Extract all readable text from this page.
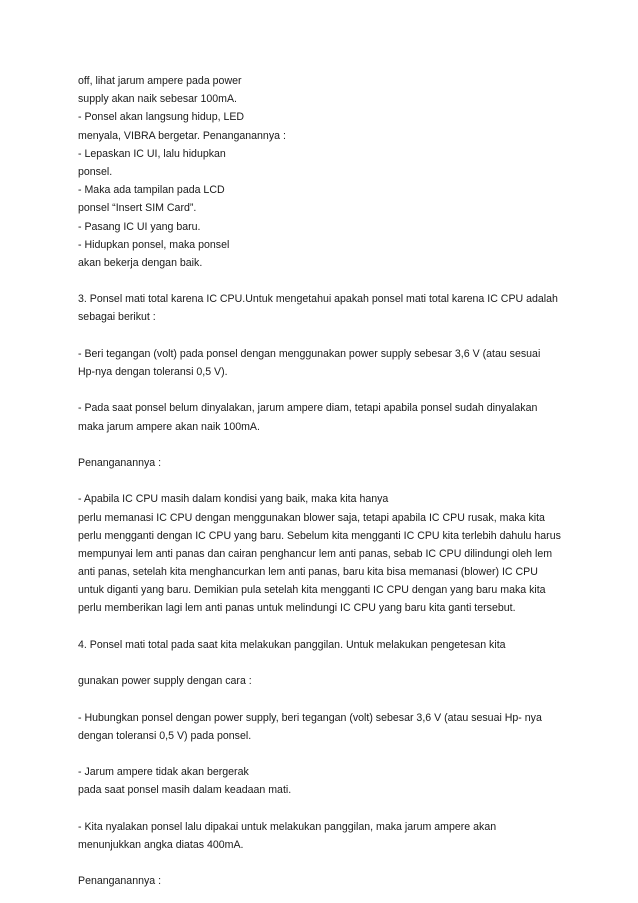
off, lihat jarum ampere pada power
supply akan naik sebesar 100mA.
- Ponsel akan langsung hidup, LED
menyala, VIBRA bergetar. Penanganannya :
- Lepaskan IC UI, lalu hidupkan
ponsel.
- Maka ada tampilan pada LCD
ponsel “Insert SIM Card”.
- Pasang IC UI yang baru.
- Hidupkan ponsel, maka ponsel
akan bekerja dengan baik.
3. Ponsel mati total karena IC CPU.Untuk mengetahui apakah ponsel mati total karena IC CPU adalah
sebagai berikut :
- Beri tegangan (volt) pada ponsel dengan menggunakan power supply sebesar 3,6 V (atau sesuai
Hp-nya dengan toleransi 0,5 V).
- Pada saat ponsel belum dinyalakan, jarum ampere diam, tetapi apabila ponsel sudah dinyalakan
maka jarum ampere akan naik 100mA.
Penanganannya :
- Apabila IC CPU masih dalam kondisi yang baik, maka kita hanya
perlu memanasi IC CPU dengan menggunakan blower saja, tetapi apabila IC CPU rusak, maka kita
perlu mengganti dengan IC CPU yang baru. Sebelum kita mengganti IC CPU kita terlebih dahulu harus
mempunyai lem anti panas dan cairan penghancur lem anti panas, sebab IC CPU dilindungi oleh lem
anti panas, setelah kita menghancurkan lem anti panas, baru kita bisa memanasi (blower) IC CPU
untuk diganti yang baru. Demikian pula setelah kita mengganti IC CPU dengan yang baru maka kita
perlu memberikan lagi lem anti panas untuk melindungi IC CPU yang baru kita ganti tersebut.
4. Ponsel mati total pada saat kita melakukan panggilan. Untuk melakukan pengetesan kita
gunakan power supply dengan cara :
- Hubungkan ponsel dengan power supply, beri tegangan (volt) sebesar 3,6 V (atau sesuai Hp- nya
dengan toleransi 0,5 V) pada ponsel.
- Jarum ampere tidak akan bergerak
pada saat ponsel masih dalam keadaan mati.
- Kita nyalakan ponsel lalu dipakai untuk melakukan panggilan, maka jarum ampere akan
menunjukkan angka diatas 400mA.
Penanganannya :
